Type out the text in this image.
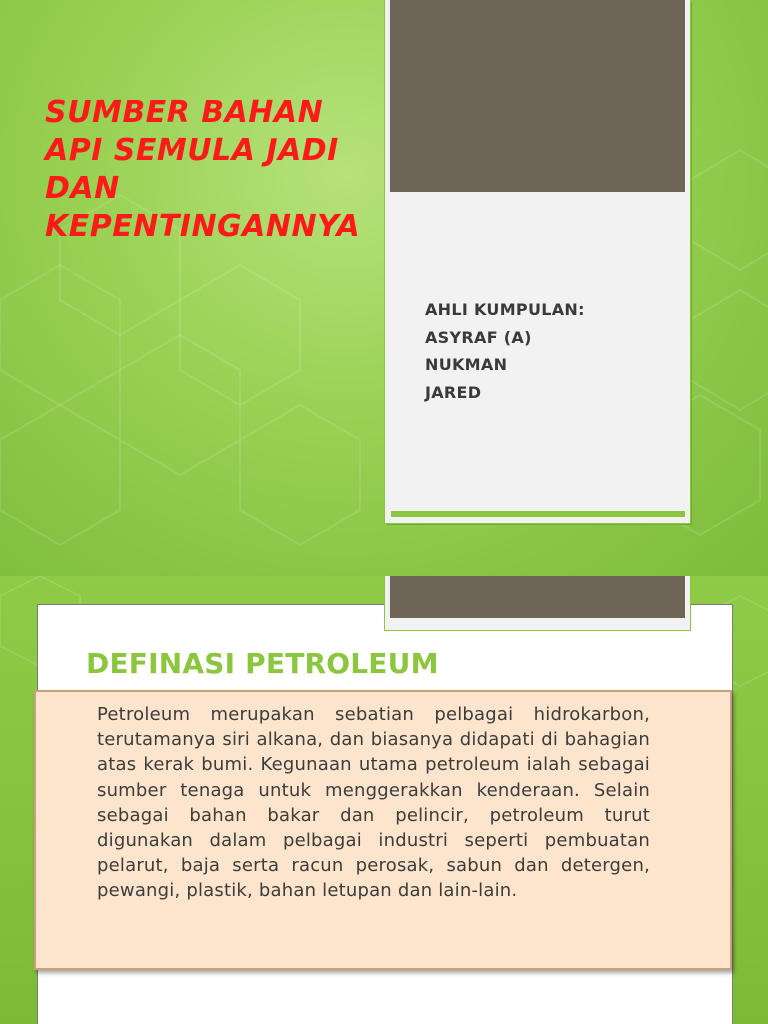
SUMBER BAHAN API SEMULA JADI DAN KEPENTINGANNYA
AHLI KUMPULAN:
ASYRAF (A)
NUKMAN
JARED
DEFINASI PETROLEUM

Petroleum merupakan sebatian pelbagai hidrokarbon, terutamanya siri alkana, dan biasanya didapati di bahagian atas kerak bumi. Kegunaan utama petroleum ialah sebagai sumber tenaga untuk menggerakkan kenderaan. Selain sebagai bahan bakar dan pelincir, petroleum turut digunakan dalam pelbagai industri seperti pembuatan pelarut, baja serta racun perosak, sabun dan detergen, pewangi, plastik, bahan letupan dan lain-lain.
